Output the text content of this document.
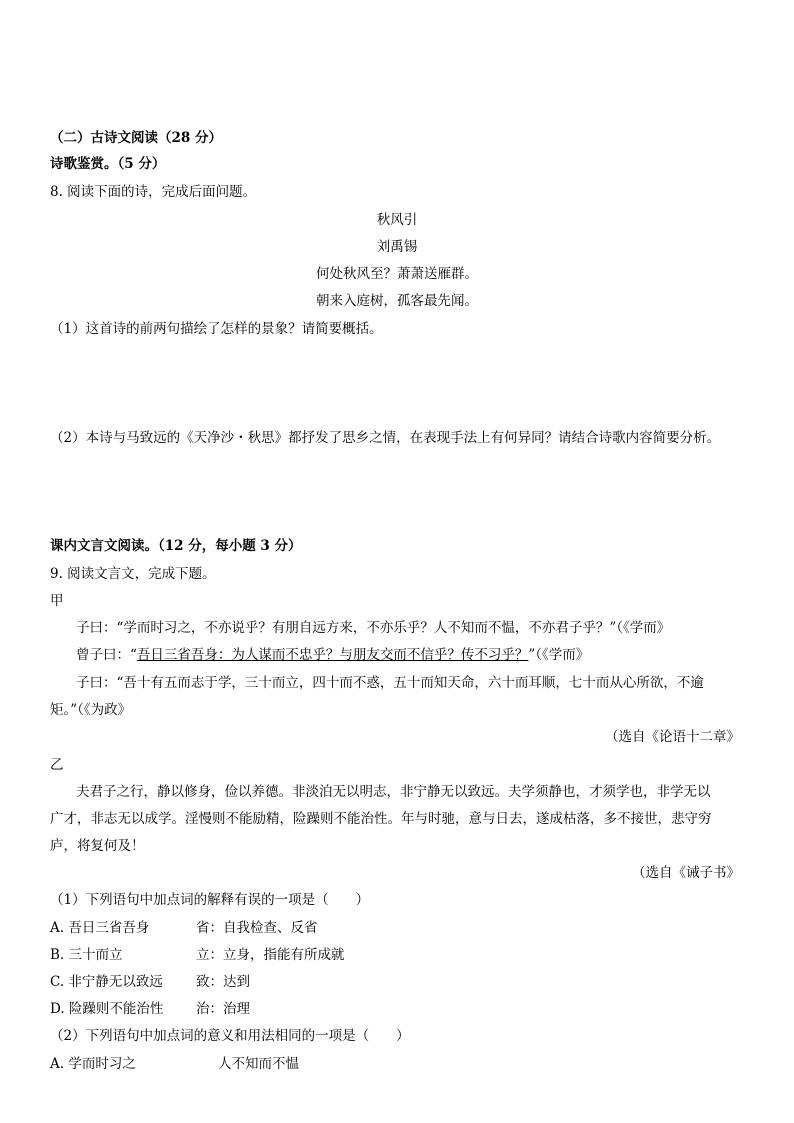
（二）古诗文阅读（28 分）
诗歌鉴赏。（5 分）
8. 阅读下面的诗，完成后面问题。
秋风引
刘禹锡
何处秋风至？萧萧送雁群。
朝来入庭树，孤客最先闻。
（1）这首诗的前两句描绘了怎样的景象？请简要概括。
（2）本诗与马致远的《天净沙・秋思》都抒发了思乡之情，在表现手法上有何异同？请结合诗歌内容简要分析。
课内文言文阅读。（12 分，每小题 3 分）
9. 阅读文言文，完成下题。
甲
子曰：“学而时习之，不亦说乎？有朋自远方来，不亦乐乎？人不知而不愠，不亦君子乎？”（《学而》
曾子曰：“吾日三省吾身：为人谋而不忠乎？与朋友交而不信乎？传不习乎？”（《学而》
子曰：“吾十有五而志于学，三十而立，四十而不惑，五十而知天命，六十而耳顺，七十而从心所欲，不逾
矩。”（《为政》
（选自《论语十二章》
乙
夫君子之行，静以修身，俭以养德。非淡泊无以明志，非宁静无以致远。夫学须静也，才须学也，非学无以
广才，非志无以成学。淫慢则不能励精，险躁则不能治性。年与时驰，意与日去，遂成枯落，多不接世，悲守穷
庐，将复何及！
（选自《诫子书》
（1）下列语句中加点词的解释有误的一项是（　　）
A. 吾日三省吾身	省：自我检查、反省
B. 三十而立	立：立身，指能有所成就
C. 非宁静无以致远 致：达到
D. 险躁则不能治性 治：治理
（2）下列语句中加点词的意义和用法相同的一项是（　　）
A. 学而时习之	人不知而不愠
